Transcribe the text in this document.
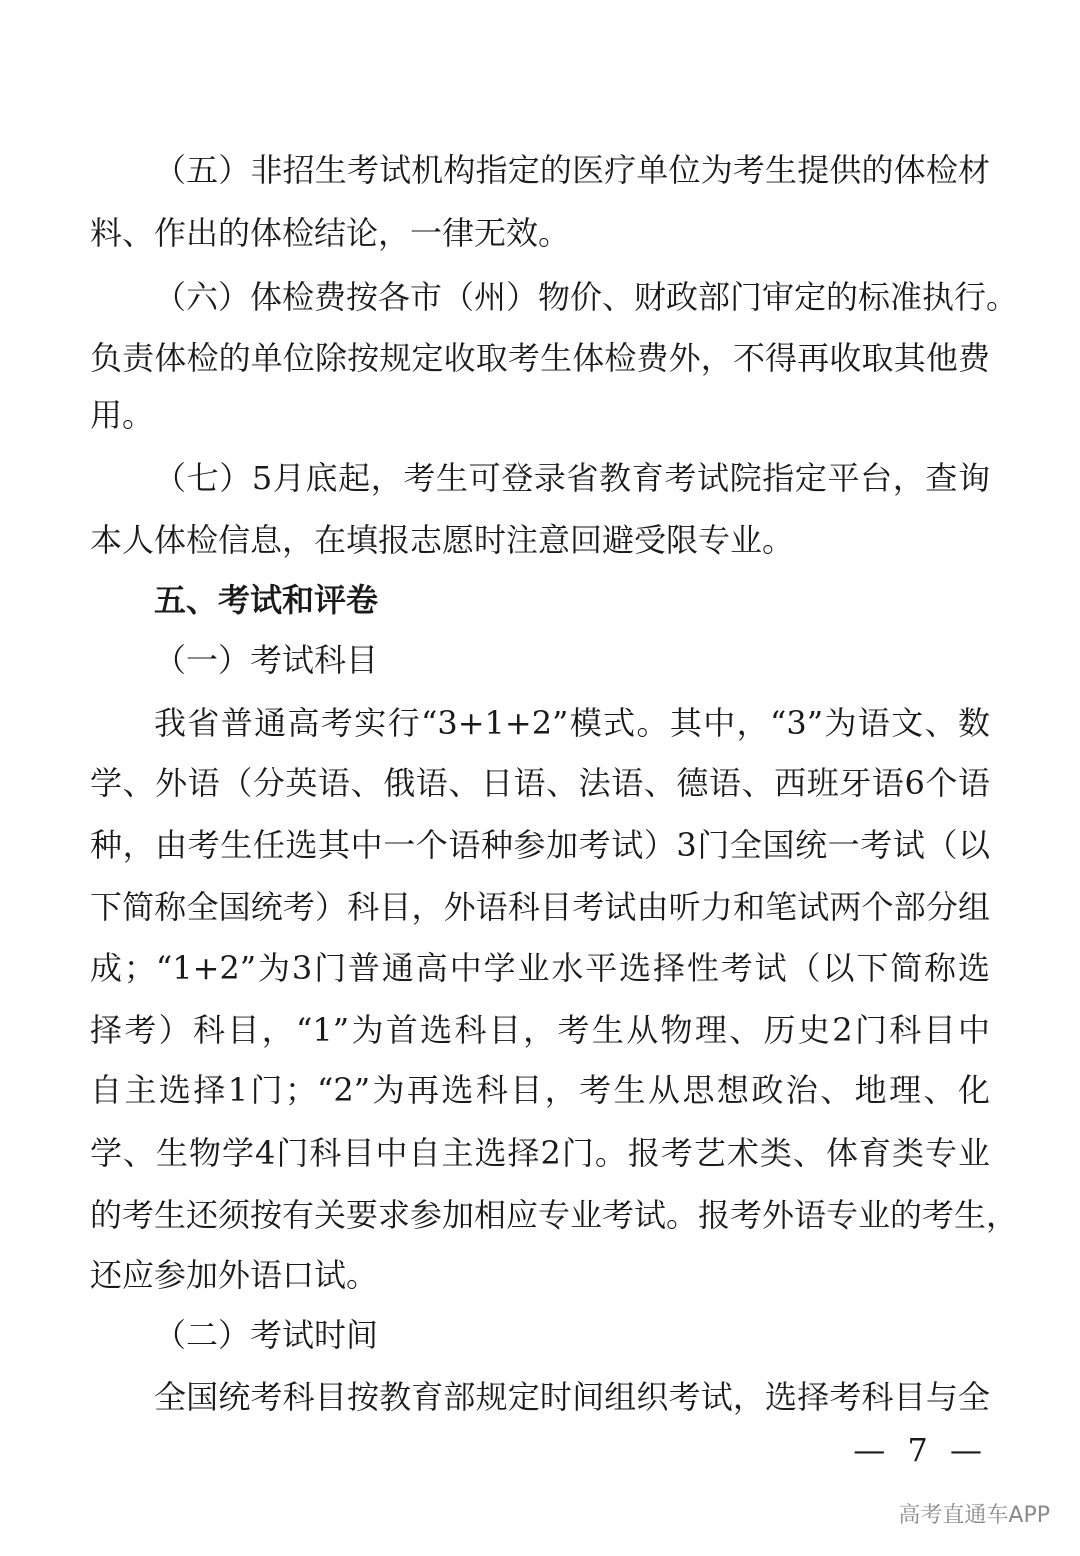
（五）非招生考试机构指定的医疗单位为考生提供的体检材
料、作出的体检结论，一律无效。
（六）体检费按各市（州）物价、财政部门审定的标准执行。
负责体检的单位除按规定收取考生体检费外，不得再收取其他费
用。
（七）5月底起，考生可登录省教育考试院指定平台，查询
本人体检信息，在填报志愿时注意回避受限专业。
五、考试和评卷
（一）考试科目
我省普通高考实行“3+1+2”模式。其中，“3”为语文、数
学、外语（分英语、俄语、日语、法语、德语、西班牙语6个语
种，由考生任选其中一个语种参加考试）3门全国统一考试（以
下简称全国统考）科目，外语科目考试由听力和笔试两个部分组
成；“1+2”为3门普通高中学业水平选择性考试（以下简称选
择考）科目，“1”为首选科目，考生从物理、历史2门科目中
自主选择1门；“2”为再选科目，考生从思想政治、地理、化
学、生物学4门科目中自主选择2门。报考艺术类、体育类专业
的考生还须按有关要求参加相应专业考试。报考外语专业的考生，
还应参加外语口试。
（二）考试时间
全国统考科目按教育部规定时间组织考试，选择考科目与全
— 7 —
高考直通车APP
